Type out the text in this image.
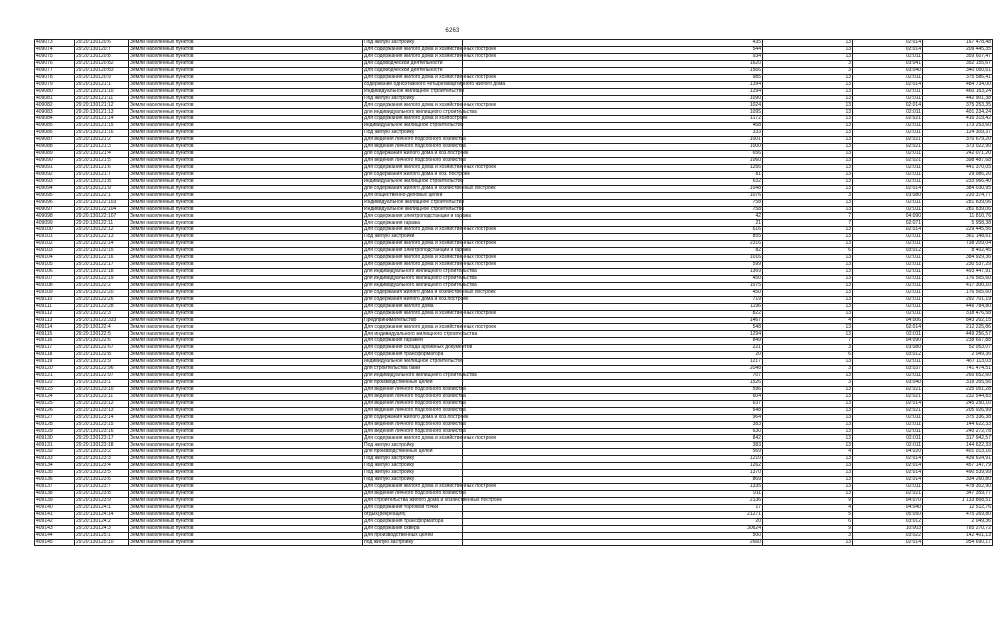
6263
409073	29:20:130120:6	Земли населенных пунктов	Под жилую застройку	435	13	02:014	167 478,48
409074	29:20:130120:7	Земли населенных пунктов	Для содержания жилого дома и хозяйственных построек	544	13	02:014	209 445,35
409075	29:20:130120:8	Земли населенных пунктов	Для содержания жилого дома и хозяйственных построек	934	13	02:011	359 607,47
409076	29:20:130120:82	Земли населенных пунктов	Для садоводческой деятельности	1620	3	03:041	352 155,67
409077	29:20:130120:83	Земли населенных пунктов	Для садоводческой деятельности	1566	3	03:040	340 050,61
409078	29:20:130120:9	Земли населенных пунктов	Для содержания жилого дома и хозяйственных построек	985	13	02:011	375 586,41
409079	29:20:130121:1	Земли населенных пунктов	содержание одноэтажного четырехквартирного жилого дома	1394	13	02:014	484 734,00
409080	29:20:130121:10	Земли населенных пунктов	Индивидуальное жилищное строительство	1294	13	02:011	460 163,24
409081	29:20:130121:11	Земли населенных пунктов	Под жилую застройку	1090	13	02:011	442 901,38
409082	29:20:130121:12	Земли населенных пунктов	Для содержания жилого дома и хозяйственных построек	1024	13	02:014	375 253,35
409083	29:20:130121:13	Земли населенных пунктов	для индивидуального жилищного строительства	1095	13	02:011	401 234,24
409084	29:20:130121:14	Земли населенных пунктов	Для содержания жилого дома и хозпостроек	1172	13	02:021	416 319,42
409085	29:20:130121:15	Земли населенных пунктов	индивидуальное жилищное строительство	468	13	02:011	173 253,60
409086	29:20:130121:16	Земли населенных пунктов	Под жилую застройку	333	13	02:011	124 309,37
409087	29:20:130121:2	Земли населенных пунктов	Для ведения личного подсобного хозяйства	1001	13	02:021	370 679,20
409088	29:20:130121:3	Земли населенных пунктов	Для ведения личного подсобного хозяйства	1000	13	02:021	373 022,90
409089	29:20:130121:4	Земли населенных пунктов	для содержания жилого дома и хоз.построек	656	13	02:011	242 071,20
409090	29:20:130121:5	Земли населенных пунктов	Для ведения личного подсобного хозяйства	1060	13	02:021	398 487,68
409091	29:20:130121:6	Земли населенных пунктов	Для содержания жилого дома и хозяйственных построек	1256	13	02:011	441 370,05
409092	29:20:130121:7	Земли населенных пунктов	для содержания жилого дома и хоз. построек	81	13	02:011	29 986,20
409093	29:20:130121:8	Земли населенных пунктов	индивидуальное жилищное строительство	632	13	02:011	233 966,40
409094	29:20:130121:9	Земли населенных пунктов	для содержания жилого дома и хозяйственных построек	1048	13	02:014	384 030,95
409095	29:20:130122:1	Земли населенных пунктов	Для общественно-деловых целей	1076	3	03:080	220 374,77
409096	29:20:130122:103	Земли населенных пунктов	Индивидуальное жилищное строительство	758	13	02:011	281 839,06
409097	29:20:130122:104	Земли населенных пунктов	Индивидуальное жилищное строительство	758	13	02:011	281 839,06
409098	29:20:130122:107	Земли населенных пунктов	Для содержания электроподстанции и гаража	42	7	04:090	11 810,76
409099	29:20:130122:11	Земли населенных пунктов	Для содержания гаража	21	7	02:071	5 958,38
409100	29:20:130122:12	Земли населенных пунктов	Для содержания жилого дома и хозяйственных построек	616	13	02:014	229 445,56
409101	29:20:130122:13	Земли населенных пунктов	Под жилую застройки	855	13	02:011	361 148,61
409102	29:20:130122:14	Земли населенных пунктов	Для содержания жилого дома и хозяйственных построек	2316	13	02:011	738 209,04
409103	29:20:130122:15	Земли населенных пунктов	Для содержания электроподстанции и гаража	82	6	03:012	8 402,45
409104	29:20:130122:16	Земли населенных пунктов	Для содержания жилого дома и хозяйственных построек	1016	13	02:011	384 929,36
409105	29:20:130122:17	Земли населенных пунктов	Для содержания жилого дома и хозяйственных построек	599	13	02:011	230 537,29
409106	29:20:130122:18	Земли населенных пунктов	для индивидуального жилищного строительства	1369	13	02:011	493 447,91
409107	29:20:130122:19	Земли населенных пунктов	для индивидуального жилищного строительства	450	13	02:011	176 565,60
409108	29:20:130122:2	Земли населенных пунктов	для индивидуального жилищного строительства	1075	13	02:011	417 300,10
409109	29:20:130122:20	Земли населенных пунктов	для содержания жилого дома и хозяйственных построек	450	13	02:011	176 565,60
409110	29:20:130122:26	Земли населенных пунктов	для содержания жилого дома и хоз.построек	719	13	02:011	292 701,19
409111	29:20:130122:28	Земли населенных пунктов	Для содержания жилого дома	1196	13	02:011	446 784,80
409112	29:20:130122:3	Земли населенных пунктов	Для содержания жилого дома и хозяйственных построек	822	13	02:011	318 476,58
409113	29:20:130122:333	Земли населенных пунктов	Предпринимательство	1467	4	04:006	843 202,15
409114	29:20:130122:4	Земли населенных пунктов	Для содержания жилого дома и хозяйственных построек	548	13	02:014	212 225,86
409115	29:20:130122:5	Земли населенных пунктов	Для индивидуального жилищного строительства	1294	13	02:011	449 256,57
409116	29:20:130122:6	Земли населенных пунктов	Для содержания гаражей	849	7	04:090	238 667,88
409117	29:20:130122:67	Земли населенных пунктов	Для содержания склада архивных документов	221	3	03:080	52 053,07
409118	29:20:130122:8	Земли населенных пунктов	Для содержания трансформатора	20	6	03:012	2 049,36
409119	29:20:130122:9	Земли населенных пунктов	индивидуальное жилищное строительство	1217	13	02:011	467 113,03
409120	29:20:130122:96	Земли населенных пунктов	для строительства бани	2048	3	03:037	741 474,51
409121	29:20:130122:97	Земли населенных пунктов	для индивидуального жилищного строительства	707	13	02:011	260 652,60
409122	29:20:130123:1	Земли населенных пунктов	для производственных целей	1526	3	03:040	319 355,56
409123	29:20:130123:10	Земли населенных пунктов	Для ведения личного подсобного хозяйства	596	13	02:021	225 051,28
409124	29:20:130123:11	Земли населенных пунктов	Для ведения личного подсобного хозяйства	604	13	02:021	232 544,83
409125	29:20:130123:12	Земли населенных пунктов	Для ведения личного подсобного хозяйства	637	13	02:014	245 250,10
409126	29:20:130123:13	Земли населенных пунктов	Для ведения личного подсобного хозяйства	548	13	02:021	205 926,99
409127	29:20:130123:14	Земли населенных пунктов	для содержания жилого дома и хоз.построек	964	13	02:011	375 336,38
409128	29:20:130123:15	Земли населенных пунктов	Для ведения личного подсобного хозяйства	383	13	02:011	144 622,33
409129	29:20:130123:16	Земли населенных пунктов	Для ведения личного подсобного хозяйства	630	13	02:011	240 272,78
409130	29:20:130123:17	Земли населенных пунктов	Для содержания жилого дома и хозяйственных построек	842	13	02:011	317 942,57
409131	29:20:130123:18	Земли населенных пунктов	Под жилую застройку	383	13	02:011	144 622,33
409132	29:20:130123:2	Земли населенных пунктов	для производственных целей	569	4	04:020	401 013,16
409133	29:20:130123:3	Земли населенных пунктов	Под жилую застройку	1210	13	02:014	439 624,91
409134	29:20:130123:4	Земли населенных пунктов	Под жилую застройку	1262	13	02:014	457 147,79
409135	29:20:130123:5	Земли населенных пунктов	Под жилую застройку	1370	13	02:014	490 539,99
409136	29:20:130123:6	Земли населенных пунктов	Под жилую застройку	869	13	02:014	334 260,80
409137	29:20:130123:7	Земли населенных пунктов	Для содержания жилого дома и хозяйственных построек	1335	13	02:011	478 302,90
409138	29:20:130123:8	Земли населенных пунктов	Для ведения личного подсобного хозяйства	911	13	02:021	347 359,77
409139	29:20:130123:9	Земли населенных пунктов	Для строительства жилого дома и хозяйственных построек	2136	9	04:070	1 133 868,51
409140	29:20:130124:1	Земли населенных пунктов	Для содержания торговой точки	17	4	04:040	12 512,76
409141	29:20:130124:14	Земли населенных пунктов	отдых(рекреация)	21271	5	05:050	475 269,80
409142	29:20:130124:2	Земли населенных пунктов	Для содержания трансформатора	20	6	03:012	2 049,36
409143	29:20:130124:3	Земли населенных пунктов	Для содержания сквера	30624	9	10:003	765 270,72
409144	29:20:130125:1	Земли населенных пунктов	Для производственных целей	500	3	03:022	142 401,13
409145	29:20:130125:10	Земли населенных пунктов	под жилую застройку	2660	13	02:014	954 690,17
